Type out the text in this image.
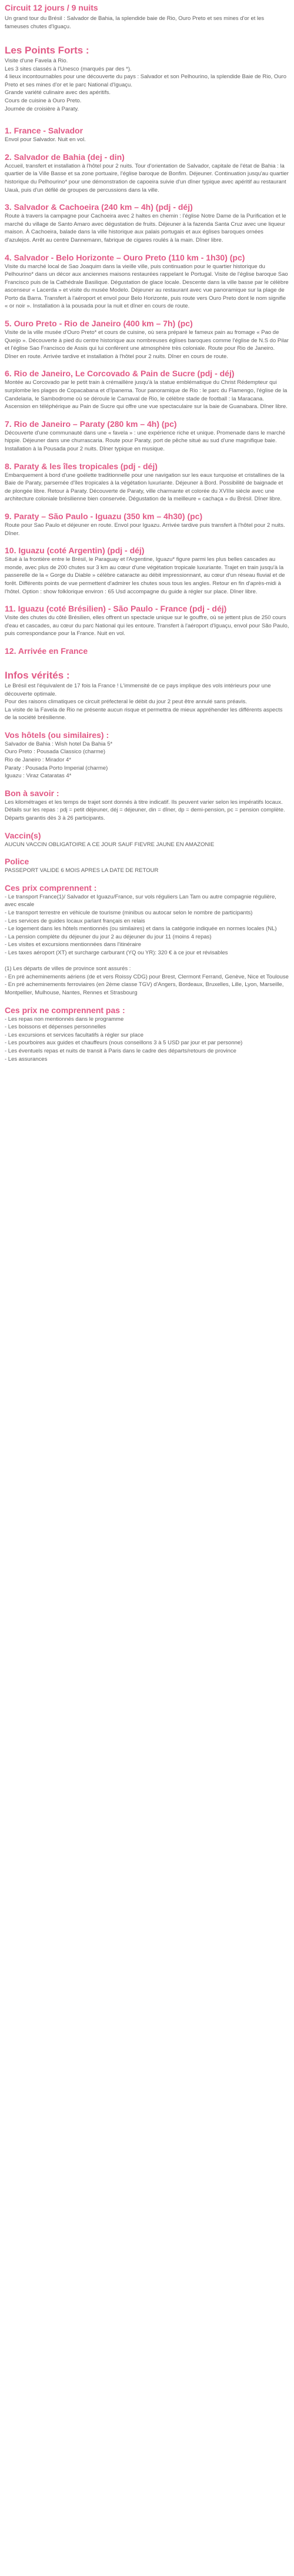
Circuit 12 jours / 9 nuits

Un grand tour du Brésil : Salvador de Bahia, la splendide baie de Rio, Ouro Preto et ses mines d'or et les fameuses chutes d'Iguaçu.

Les Points Forts :

Visite d'une Favela à Rio.
Les 3 sites classés à l'Unesco (marqués par des *).
4 lieux incontournables pour une découverte du pays : Salvador et son Pelhourino, la splendide Baie de Rio, Ouro Preto et ses mines d'or et le parc National d'Iguaçu.
Grande variété culinaire avec des apéritifs.
Cours de cuisine à Ouro Preto.
Journée de croisière à Paraty.

1. France - Salvador

Envol pour Salvador. Nuit en vol.

2. Salvador de Bahia (dej - din)

Accueil, transfert et installation à l'hôtel pour 2 nuits. Tour d'orientation de Salvador, capitale de l'état de Bahia : la quartier de la Ville Basse et sa zone portuaire, l'église baroque de Bonfim. Déjeuner. Continuation jusqu'au quartier historique du Pelhourino* pour une démonstration de capoeira suivie d'un dîner typique avec apéritif au restaurant Uauá, puis d'un défilé de groupes de percussions dans la ville.

3. Salvador & Cachoeira (240 km – 4h) (pdj - déj)

Route à travers la campagne pour Cachoeira avec 2 haltes en chemin : l'église Notre Dame de la Purification et le marché du village de Santo Amaro avec dégustation de fruits. Déjeuner à la fazenda Santa Cruz avec une liqueur maison. À Cachoeira, balade dans la ville historique aux palais portugais et aux églises baroques ornées d'azulejos. Arrêt au centre Dannemann, fabrique de cigares roulés à la main. Dîner libre.

4. Salvador - Belo Horizonte – Ouro Preto (110 km - 1h30) (pc)

Visite du marché local de Sao Joaquim dans la vieille ville, puis continuation pour le quartier historique du Pelhourino* dans un décor aux anciennes maisons restaurées rappelant le Portugal. Visite de l'église baroque Sao Francisco puis de la Cathédrale Basilique. Dégustation de glace locale. Descente dans la ville basse par le célèbre ascenseur « Lacerda » et visite du musée Modelo. Déjeuner au restaurant avec vue panoramique sur la plage de Porto da Barra. Transfert à l'aéroport et envol pour Belo Horizonte, puis route vers Ouro Preto dont le nom signifie « or noir ». Installation à la pousada pour la nuit et dîner en cours de route.

5. Ouro Preto - Rio de Janeiro (400 km – 7h) (pc)

Visite de la ville musée d'Ouro Preto* et cours de cuisine, où sera préparé le fameux pain au fromage « Pao de Queijo ». Découverte à pied du centre historique aux nombreuses églises baroques comme l'église de N.S do Pilar et l'église Sao Francisco de Assis qui lui confèrent une atmosphère très coloniale. Route pour Rio de Janeiro. Dîner en route. Arrivée tardive et installation à l'hôtel pour 2 nuits. Dîner en cours de route.

6. Rio de Janeiro, Le Corcovado & Pain de Sucre (pdj - déj)

Montée au Corcovado par le petit train à crémaillère jusqu'à la statue emblématique du Christ Rédempteur qui surplombe les plages de Copacabana et d'Ipanema. Tour panoramique de Rio : le parc du Flamengo, l'église de la Candelaria, le Sambodrome où se déroule le Carnaval de Rio, le célèbre stade de football : la Maracana. Ascension en téléphérique au Pain de Sucre qui offre une vue spectaculaire sur la baie de Guanabara. Dîner libre.

7. Rio de Janeiro – Paraty (280 km – 4h) (pc)

Découverte d'une communauté dans une « favela » : une expérience riche et unique. Promenade dans le marché hippie. Déjeuner dans une churrascaria. Route pour Paraty, port de pêche situé au sud d'une magnifique baie. Installation à la Pousada pour 2 nuits. Dîner typique en musique.

8. Paraty & les îles tropicales (pdj - déj)

Embarquement à bord d'une goélette traditionnelle pour une navigation sur les eaux turquoise et cristallines de la Baie de Paraty, parsemée d'îles tropicales à la végétation luxuriante. Déjeuner à Bord. Possibilité de baignade et de plongée libre. Retour à Paraty. Découverte de Paraty, ville charmante et colorée du XVIIIe siècle avec une architecture coloniale brésilienne bien conservée. Dégustation de la meilleure « cachaça » du Brésil. Dîner libre.

9. Paraty – São Paulo - Iguazu (350 km – 4h30) (pc)

Route pour Sao Paulo et déjeuner en route. Envol pour Iguazu. Arrivée tardive puis transfert à l'hôtel pour 2 nuits. Dîner.

10. Iguazu (coté Argentin) (pdj - déj)

Situé à la frontière entre le Brésil, le Paraguay et l'Argentine, Iguazu* figure parmi les plus belles cascades au monde, avec plus de 200 chutes sur 3 km au cœur d'une végétation tropicale luxuriante. Trajet en train jusqu'à la passerelle de la « Gorge du Diable » célèbre cataracte au débit impressionnant, au cœur d'un réseau fluvial et de forêt. Différents points de vue permettent d'admirer les chutes sous tous les angles. Retour en fin d'après-midi à l'hôtel. Option : show folklorique environ : 65 Usd accompagne du guide à régler sur place. Dîner libre.

11. Iguazu (coté Brésilien) - São Paulo - France (pdj - déj)

Visite des chutes du côté Brésilien, elles offrent un spectacle unique sur le gouffre, où se jettent plus de 250 cours d'eau et cascades, au cœur du parc National qui les entoure. Transfert à l'aéroport d'Iguaçu, envol pour São Paulo, puis correspondance pour la France. Nuit en vol.

12. Arrivée en France

Infos vérités :

Le Brésil est l'équivalent de 17 fois la France ! L'immensité de ce pays implique des vols intérieurs pour une découverte optimale.
Pour des raisons climatiques ce circuit préfecteral le débit du jour 2 peut être annulé sans préavis.
La visite de la Favela de Rio ne présente aucun risque et permettra de mieux appréhender les différents aspects de la société brésilienne.

Vos hôtels (ou similaires) :

Salvador de Bahia : Wish hotel Da Bahia 5*
Ouro Preto : Pousada Classico (charme)
Rio de Janeiro : Mirador 4*
Paraty : Pousada Porto Imperial (charme)
Iguazu : Viraz Cataratas 4*

Bon à savoir :

Les kilométrages et les temps de trajet sont donnés à titre indicatif. Ils peuvent varier selon les impératifs locaux.
Détails sur les repas : pdj = petit déjeuner, déj = déjeuner, din = dîner, dp = demi-pension, pc = pension complète.
Départs garantis dès 3 à 26 participants.

Vaccin(s)

AUCUN VACCIN OBLIGATOIRE A CE JOUR SAUF FIEVRE JAUNE EN AMAZONIE

Police

PASSEPORT VALIDE 6 MOIS APRES LA DATE DE RETOUR

Ces prix comprennent :

- Le transport France(1)/ Salvador et Iguazu/France, sur vols réguliers Lan Tam ou autre compagnie régulière, avec escale
- Le transport terrestre en véhicule de tourisme (minibus ou autocar selon le nombre de participants)
- Les services de guides locaux parlant français en relais
- Le logement dans les hôtels mentionnés (ou similaires) et dans la catégorie indiquée en normes locales (NL)
- La pension complète du déjeuner du jour 2 au déjeuner du jour 11 (moins 4 repas)
- Les visites et excursions mentionnées dans l'itinéraire
- Les taxes aéroport (XT) et surcharge carburant (YQ ou YR): 320 € à ce jour et révisables

(1) Les départs de villes de province sont assurés :
- En pré acheminements aériens (de et vers Roissy CDG) pour Brest, Clermont Ferrand, Genève, Nice et Toulouse
- En pré acheminements ferroviaires (en 2ème classe TGV) d'Angers, Bordeaux, Bruxelles, Lille, Lyon, Marseille, Montpellier, Mulhouse, Nantes, Rennes et Strasbourg

Ces prix ne comprennent pas :

- Les repas non mentionnés dans le programme
- Les boissons et dépenses personnelles
- Les excursions et services facultatifs à régler sur place
- Les pourboires aux guides et chauffeurs (nous conseillons 3 à 5 USD par jour et par personne)
- Les éventuels repas et nuits de transit à Paris dans le cadre des départs/retours de province
- Les assurances
